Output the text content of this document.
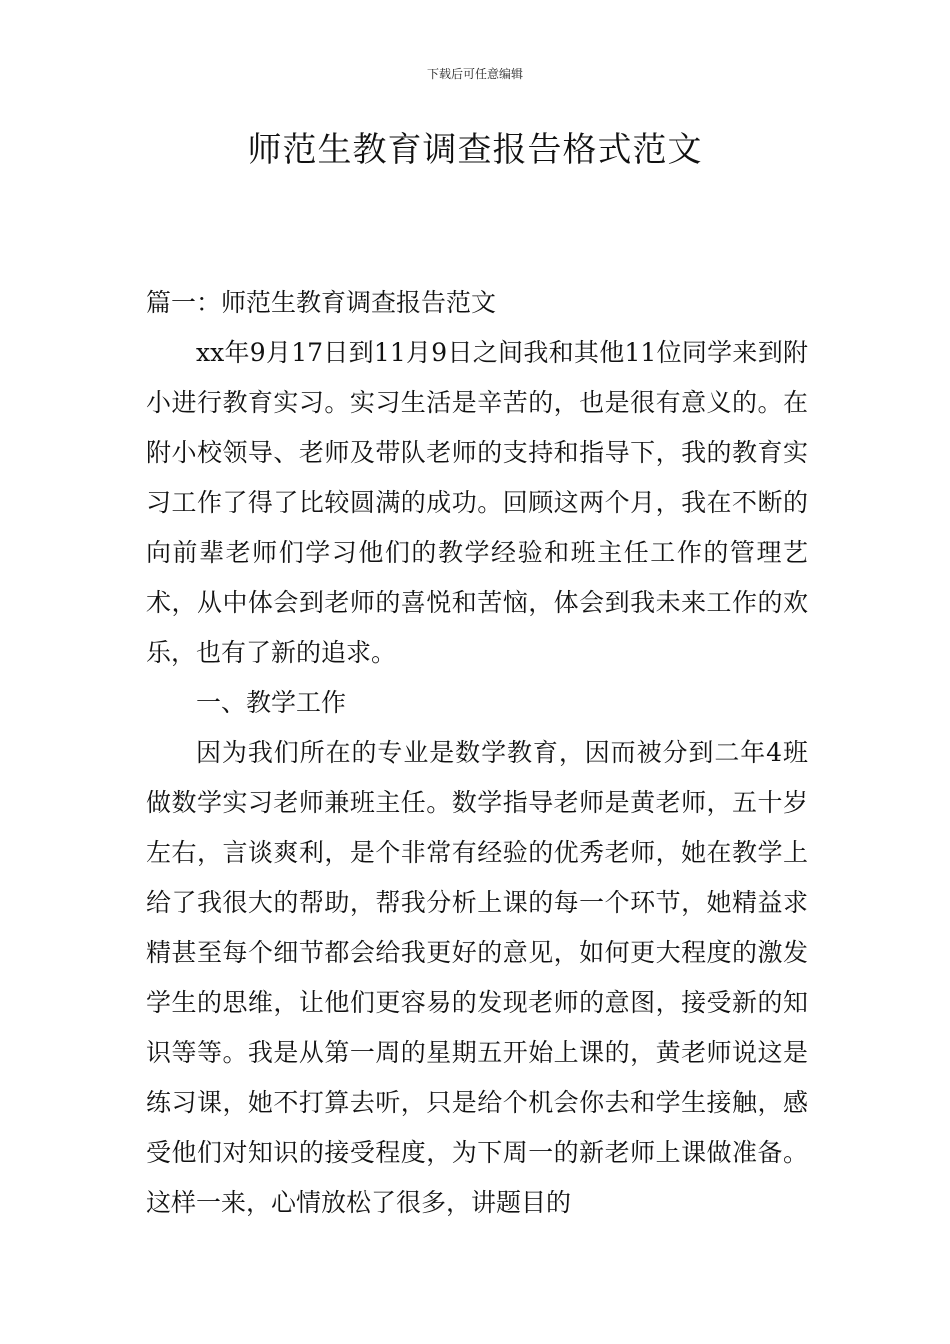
下载后可任意编辑
师范生教育调查报告格式范文

篇一：师范生教育调查报告范文

xx年9月17日到11月9日之间我和其他11位同学来到附小进行教育实习。实习生活是辛苦的，也是很有意义的。在附小校领导、老师及带队老师的支持和指导下，我的教育实习工作了得了比较圆满的成功。回顾这两个月，我在不断的向前辈老师们学习他们的教学经验和班主任工作的管理艺术，从中体会到老师的喜悦和苦恼，体会到我未来工作的欢乐，也有了新的追求。

一、教学工作

因为我们所在的专业是数学教育，因而被分到二年4班做数学实习老师兼班主任。数学指导老师是黄老师，五十岁左右，言谈爽利，是个非常有经验的优秀老师，她在教学上给了我很大的帮助，帮我分析上课的每一个环节，她精益求精甚至每个细节都会给我更好的意见，如何更大程度的激发学生的思维，让他们更容易的发现老师的意图，接受新的知识等等。我是从第一周的星期五开始上课的，黄老师说这是练习课，她不打算去听，只是给个机会你去和学生接触，感受他们对知识的接受程度，为下周一的新老师上课做准备。这样一来，心情放松了很多，讲题目的
